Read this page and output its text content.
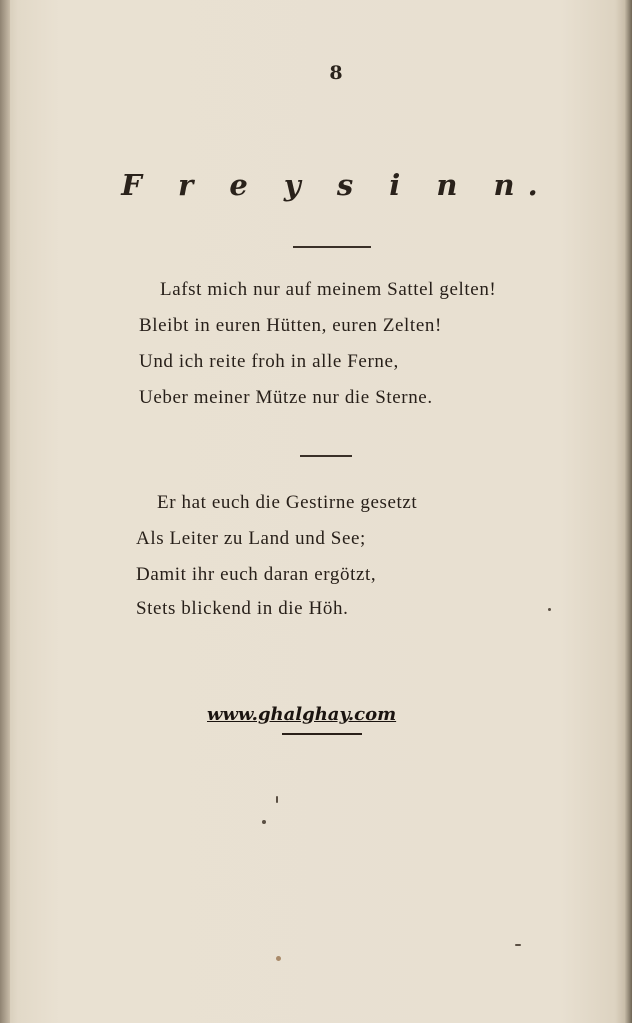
8
F r e y s i n n.
Lafst mich nur auf meinem Sattel gelten!
Bleibt in euren Hütten, euren Zelten!
Und ich reite froh in alle Ferne,
Ueber meiner Mütze nur die Sterne.
Er hat euch die Gestirne gesetzt
Als Leiter zu Land und See;
Damit ihr euch daran ergötzt,
Stets blickend in die Höh.
www.ghalghay.com
